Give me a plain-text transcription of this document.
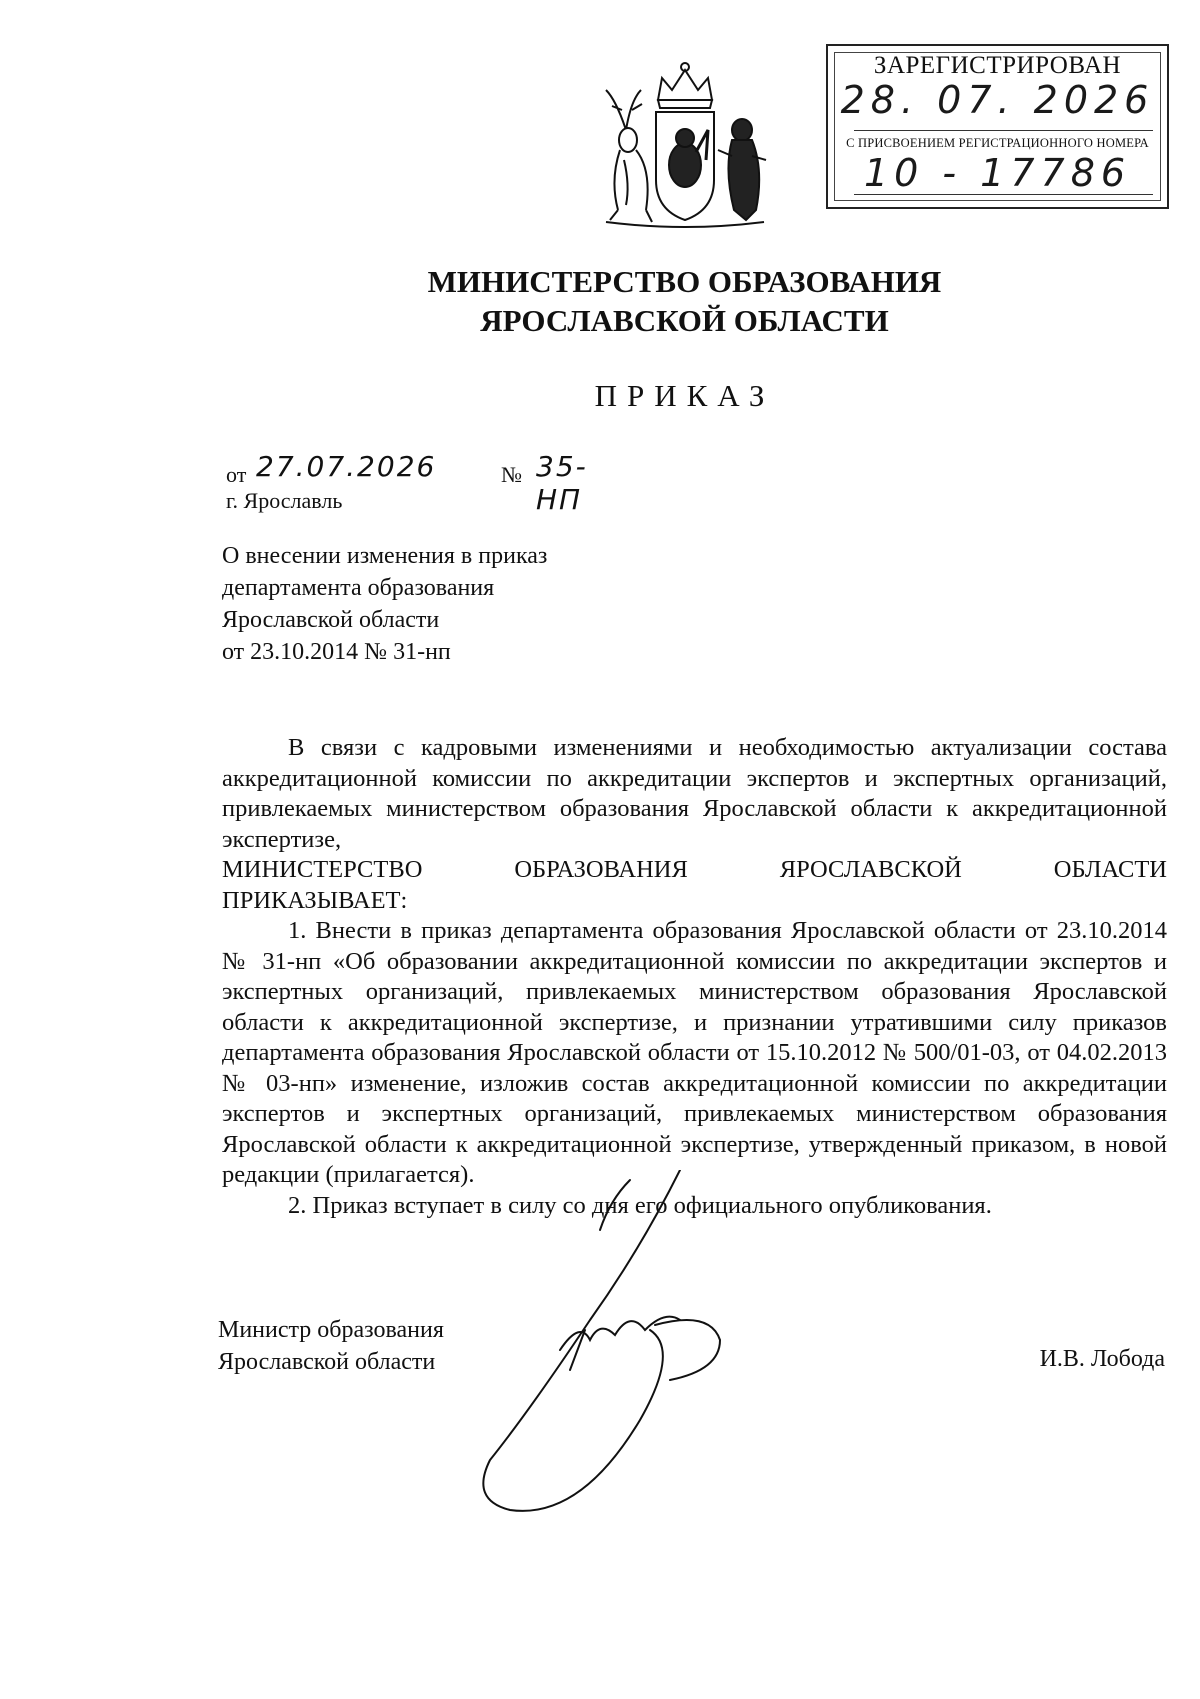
ЗАРЕГИСТРИРОВАН
28. 07. 2026
С ПРИСВОЕНИЕМ РЕГИСТРАЦИОННОГО НОМЕРА
10 - 17786
МИНИСТЕРСТВО ОБРАЗОВАНИЯ
ЯРОСЛАВСКОЙ ОБЛАСТИ
ПРИКАЗ
от 27.07.2026	№ 35-НП
г. Ярославль
О внесении изменения в приказ
департамента образования
Ярославской области
от 23.10.2014 № 31-нп

В связи с кадровыми изменениями и необходимостью актуализации состава аккредитационной комиссии по аккредитации экспертов и экспертных организаций, привлекаемых министерством образования Ярославской области к аккредитационной экспертизе,

МИНИСТЕРСТВО ОБРАЗОВАНИЯ ЯРОСЛАВСКОЙ ОБЛАСТИ

ПРИКАЗЫВАЕТ:

1. Внести в приказ департамента образования Ярославской области от 23.10.2014 № 31-нп «Об образовании аккредитационной комиссии по аккредитации экспертов и экспертных организаций, привлекаемых министерством образования Ярославской области к аккредитационной экспертизе, и признании утратившими силу приказов департамента образования Ярославской области от 15.10.2012 № 500/01-03, от 04.02.2013 № 03-нп» изменение, изложив состав аккредитационной комиссии по аккредитации экспертов и экспертных организаций, привлекаемых министерством образования Ярославской области к аккредитационной экспертизе, утвержденный приказом, в новой редакции (прилагается).

2. Приказ вступает в силу со дня его официального опубликования.

Министр образования
Ярославской области	И.В. Лобода
